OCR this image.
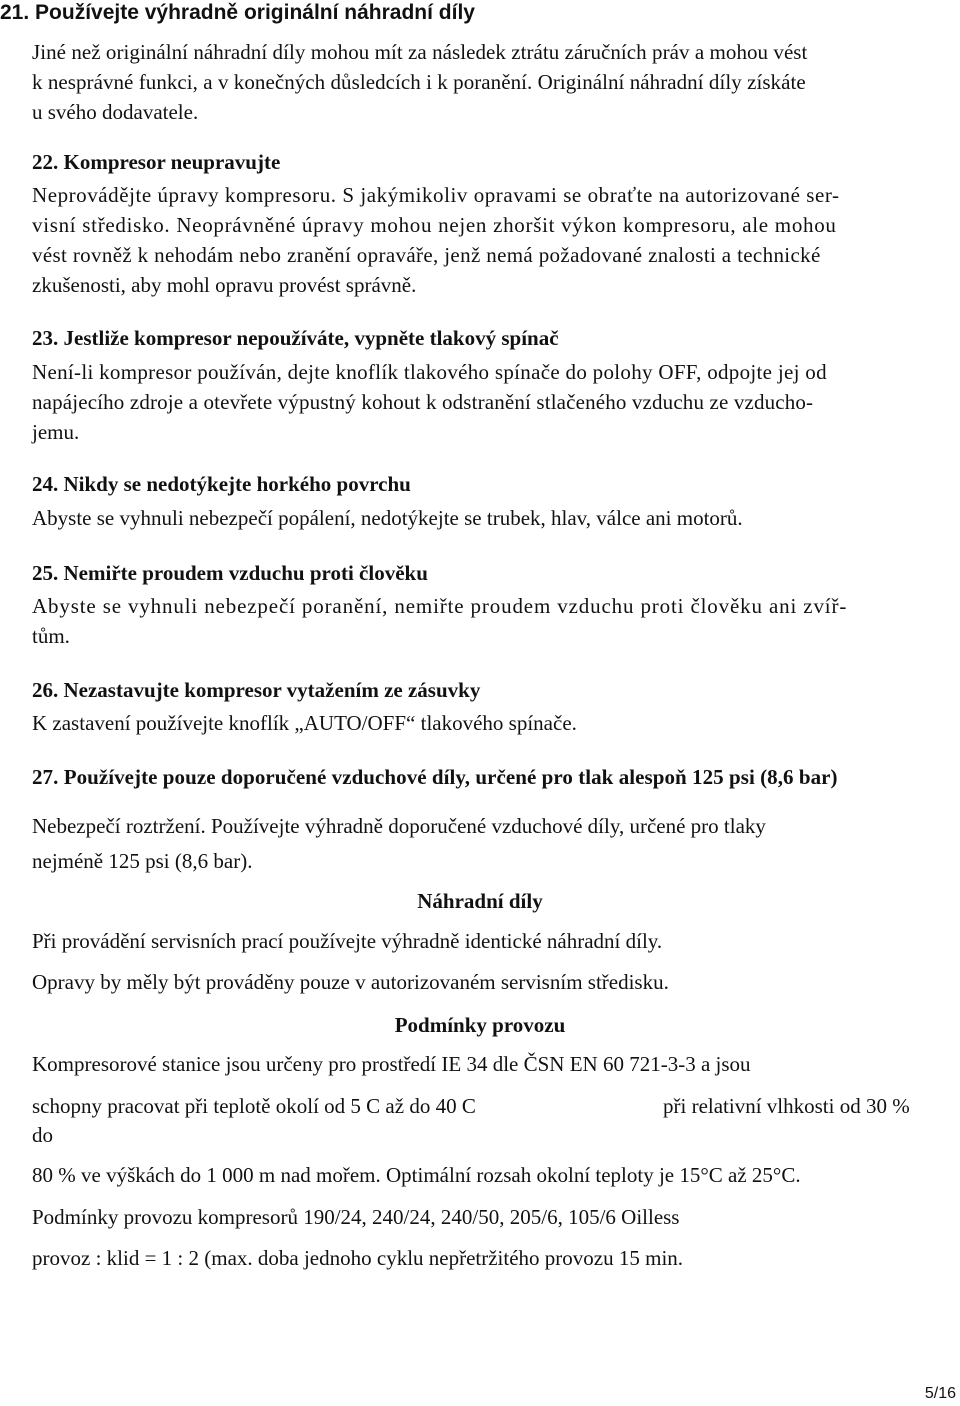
21. Používejte výhradně originální náhradní díly
Jiné než originální náhradní díly mohou mít za následek ztrátu záručních práv a mohou vést
k nesprávné funkci, a v konečných důsledcích i k poranění. Originální náhradní díly získáte
u svého dodavatele.
22. Kompresor neupravujte
Neprovádějte úpravy kompresoru. S jakýmikoliv opravami se obraťte na autorizované ser-
visní středisko. Neoprávněné úpravy mohou nejen zhoršit výkon kompresoru, ale mohou
vést rovněž k nehodám nebo zranění opraváře, jenž nemá požadované znalosti a technické
zkušenosti, aby mohl opravu provést správně.
23. Jestliže kompresor nepoužíváte, vypněte tlakový spínač
Není-li kompresor používán, dejte knoflík tlakového spínače do polohy OFF, odpojte jej od
napájecího zdroje a otevřete výpustný kohout k odstranění stlačeného vzduchu ze vzducho-
jemu.
24. Nikdy se nedotýkejte horkého povrchu
Abyste se vyhnuli nebezpečí popálení, nedotýkejte se trubek, hlav, válce ani motorů.
25. Nemiřte proudem vzduchu proti člověku
Abyste se vyhnuli nebezpečí poranění, nemiřte proudem vzduchu proti člověku ani zvíř-
tům.
26. Nezastavujte kompresor vytažením ze zásuvky
K zastavení používejte knoflík „AUTO/OFF“ tlakového spínače.
27. Používejte pouze doporučené vzduchové díly, určené pro tlak alespoň 125 psi (8,6 bar)
Nebezpečí roztržení. Používejte výhradně doporučené vzduchové díly, určené pro tlaky
nejméně 125 psi (8,6 bar).
Náhradní díly
Při provádění servisních prací používejte výhradně identické náhradní díly.
Opravy by měly být prováděny pouze v autorizovaném servisním středisku.
Podmínky provozu
Kompresorové stanice jsou určeny pro prostředí IE 34 dle ČSN EN 60 721-3-3 a jsou
schopny pracovat při teplotě okolí od 5 C až do 40 C	při relativní vlhkosti od 30 %
do
80 % ve výškách do 1 000 m nad mořem. Optimální rozsah okolní teploty je 15°C až 25°C.
Podmínky provozu kompresorů 190/24, 240/24, 240/50, 205/6, 105/6 Oilless
provoz : klid = 1 : 2 (max. doba jednoho cyklu nepřetržitého provozu 15 min.
5/16
